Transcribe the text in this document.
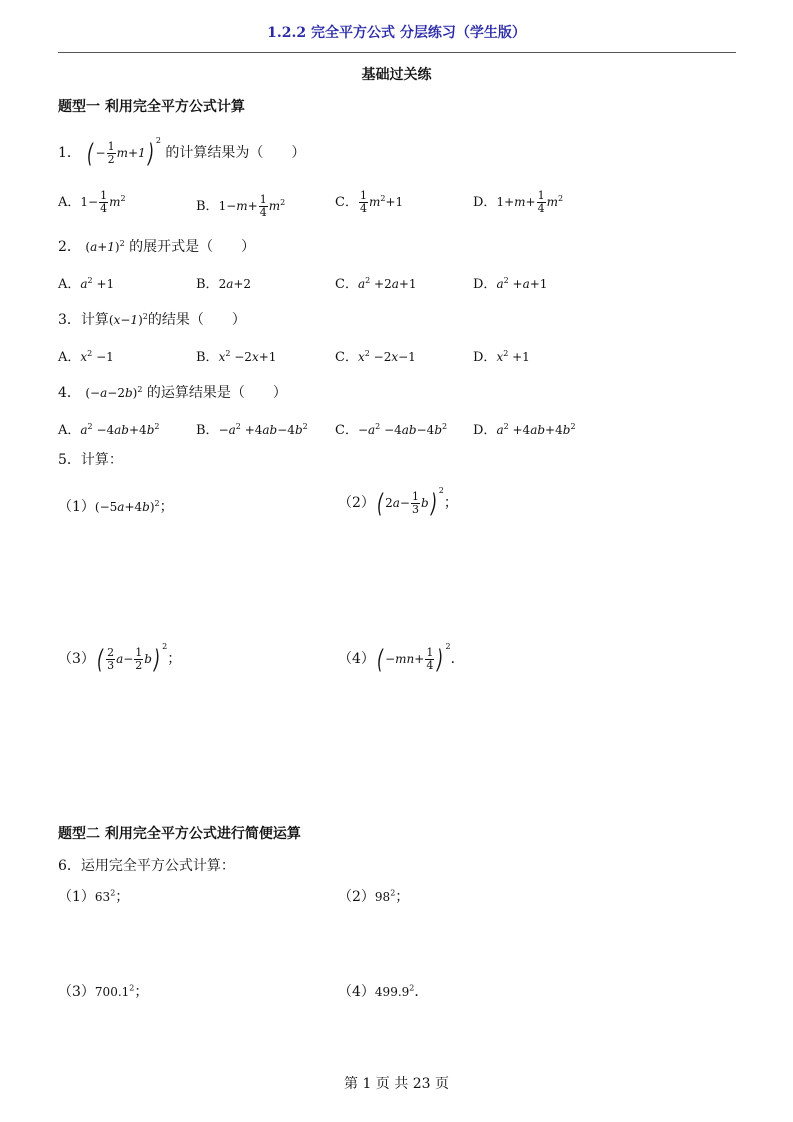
1.2.2 完全平方公式 分层练习（学生版）
基础过关练
题型一 利用完全平方公式计算
1． ( − $\frac{1}{2} m+1$) $^2$ 的计算结果为（　　）
A．$1- \frac{1}{4} m^2$
B．$1-m+ \frac{1}{4} m^2$	C． $\frac{1}{4} m^2+1$	D．$1+m+ \frac{1}{4} m^2$
2． $(a+1)^2$ 的展开式是（　　）
A．$a^2 +1$	B．2a+2	C．$a^2 +2a+1$	D．$a^2 +a+1$
3．计算$(x-1)^2$的结果（　　）
A．$x^2 -1$	B．$x^2 -2x+1$	C．$x^2 -2x-1$	D．$x^2 +1$
4． $(-a-2b)^2$ 的运算结果是（　　）
A．$a^2 -4ab+4b^2$	B．$-a^2 +4ab-4b^2$ C．$-a^2 -4ab-4b^2$ D．$a^2 +4ab+4b^2$
5．计算：
$(1)(-5a+4b)^2$；	（2）( $2a- \frac{1}{3} b$) $^2$；
$(3)( \frac{2}{3} a- \frac{1}{2} b)$ $^2$；	$(4)( -mn+ \frac{1}{4}$ ) $^2$．
题型二 利用完全平方公式进行简便运算
6．运用完全平方公式计算：
$(1)63^2$；	$(2)98^2$；
（3）700.1$^2$；	（4）499.9$^2$．
第 1 页 共 23 页
